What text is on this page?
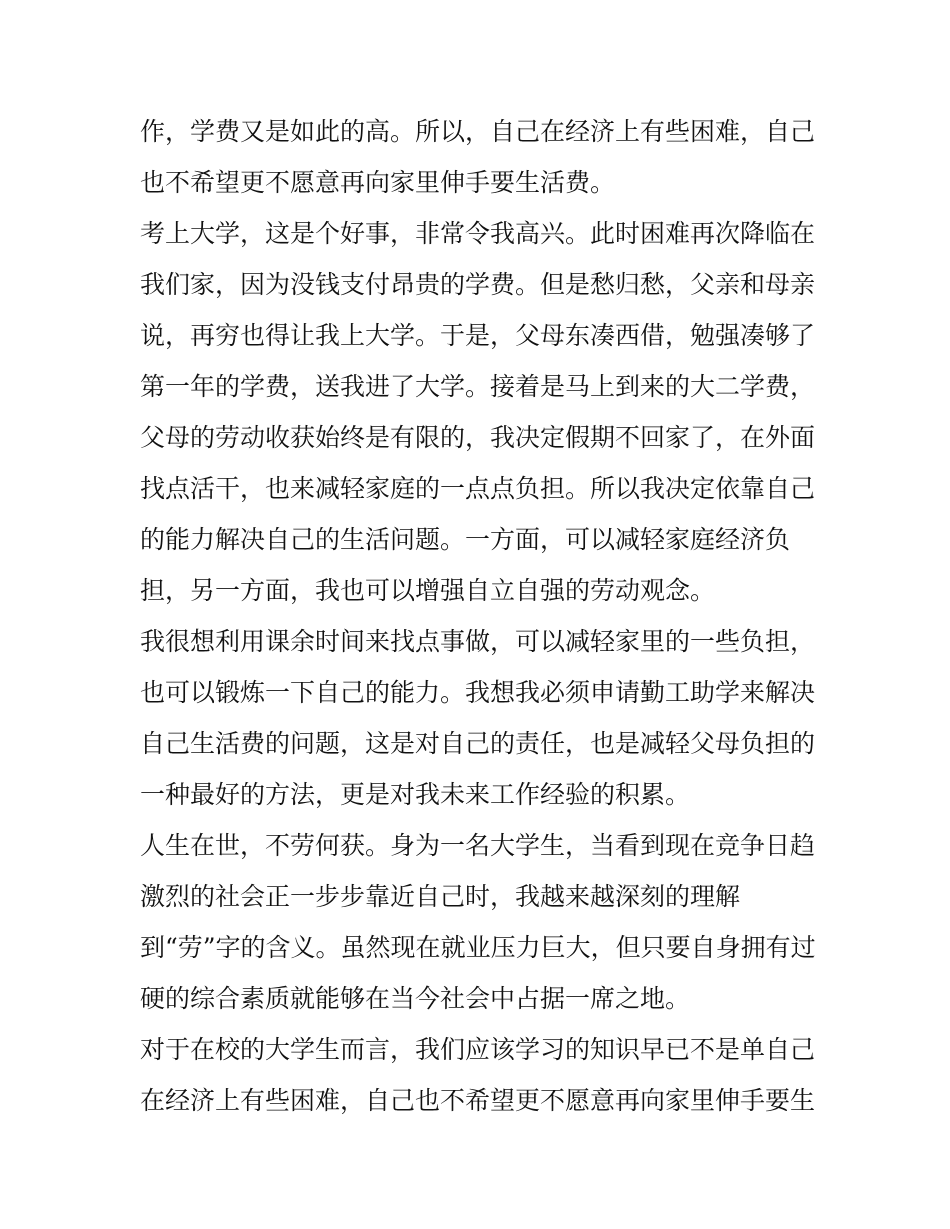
作，学费又是如此的高。所以，自己在经济上有些困难，自己
也不希望更不愿意再向家里伸手要生活费。
考上大学，这是个好事，非常令我高兴。此时困难再次降临在
我们家，因为没钱支付昂贵的学费。但是愁归愁，父亲和母亲
说，再穷也得让我上大学。于是，父母东凑西借，勉强凑够了
第一年的学费，送我进了大学。接着是马上到来的大二学费，
父母的劳动收获始终是有限的，我决定假期不回家了，在外面
找点活干，也来减轻家庭的一点点负担。所以我决定依靠自己
的能力解决自己的生活问题。一方面，可以减轻家庭经济负
担，另一方面，我也可以增强自立自强的劳动观念。
我很想利用课余时间来找点事做，可以减轻家里的一些负担，
也可以锻炼一下自己的能力。我想我必须申请勤工助学来解决
自己生活费的问题，这是对自己的责任，也是减轻父母负担的
一种最好的方法，更是对我未来工作经验的积累。
人生在世，不劳何获。身为一名大学生，当看到现在竞争日趋
激烈的社会正一步步靠近自己时，我越来越深刻的理解
到“劳”字的含义。虽然现在就业压力巨大，但只要自身拥有过
硬的综合素质就能够在当今社会中占据一席之地。
对于在校的大学生而言，我们应该学习的知识早已不是单自己
在经济上有些困难，自己也不希望更不愿意再向家里伸手要生
